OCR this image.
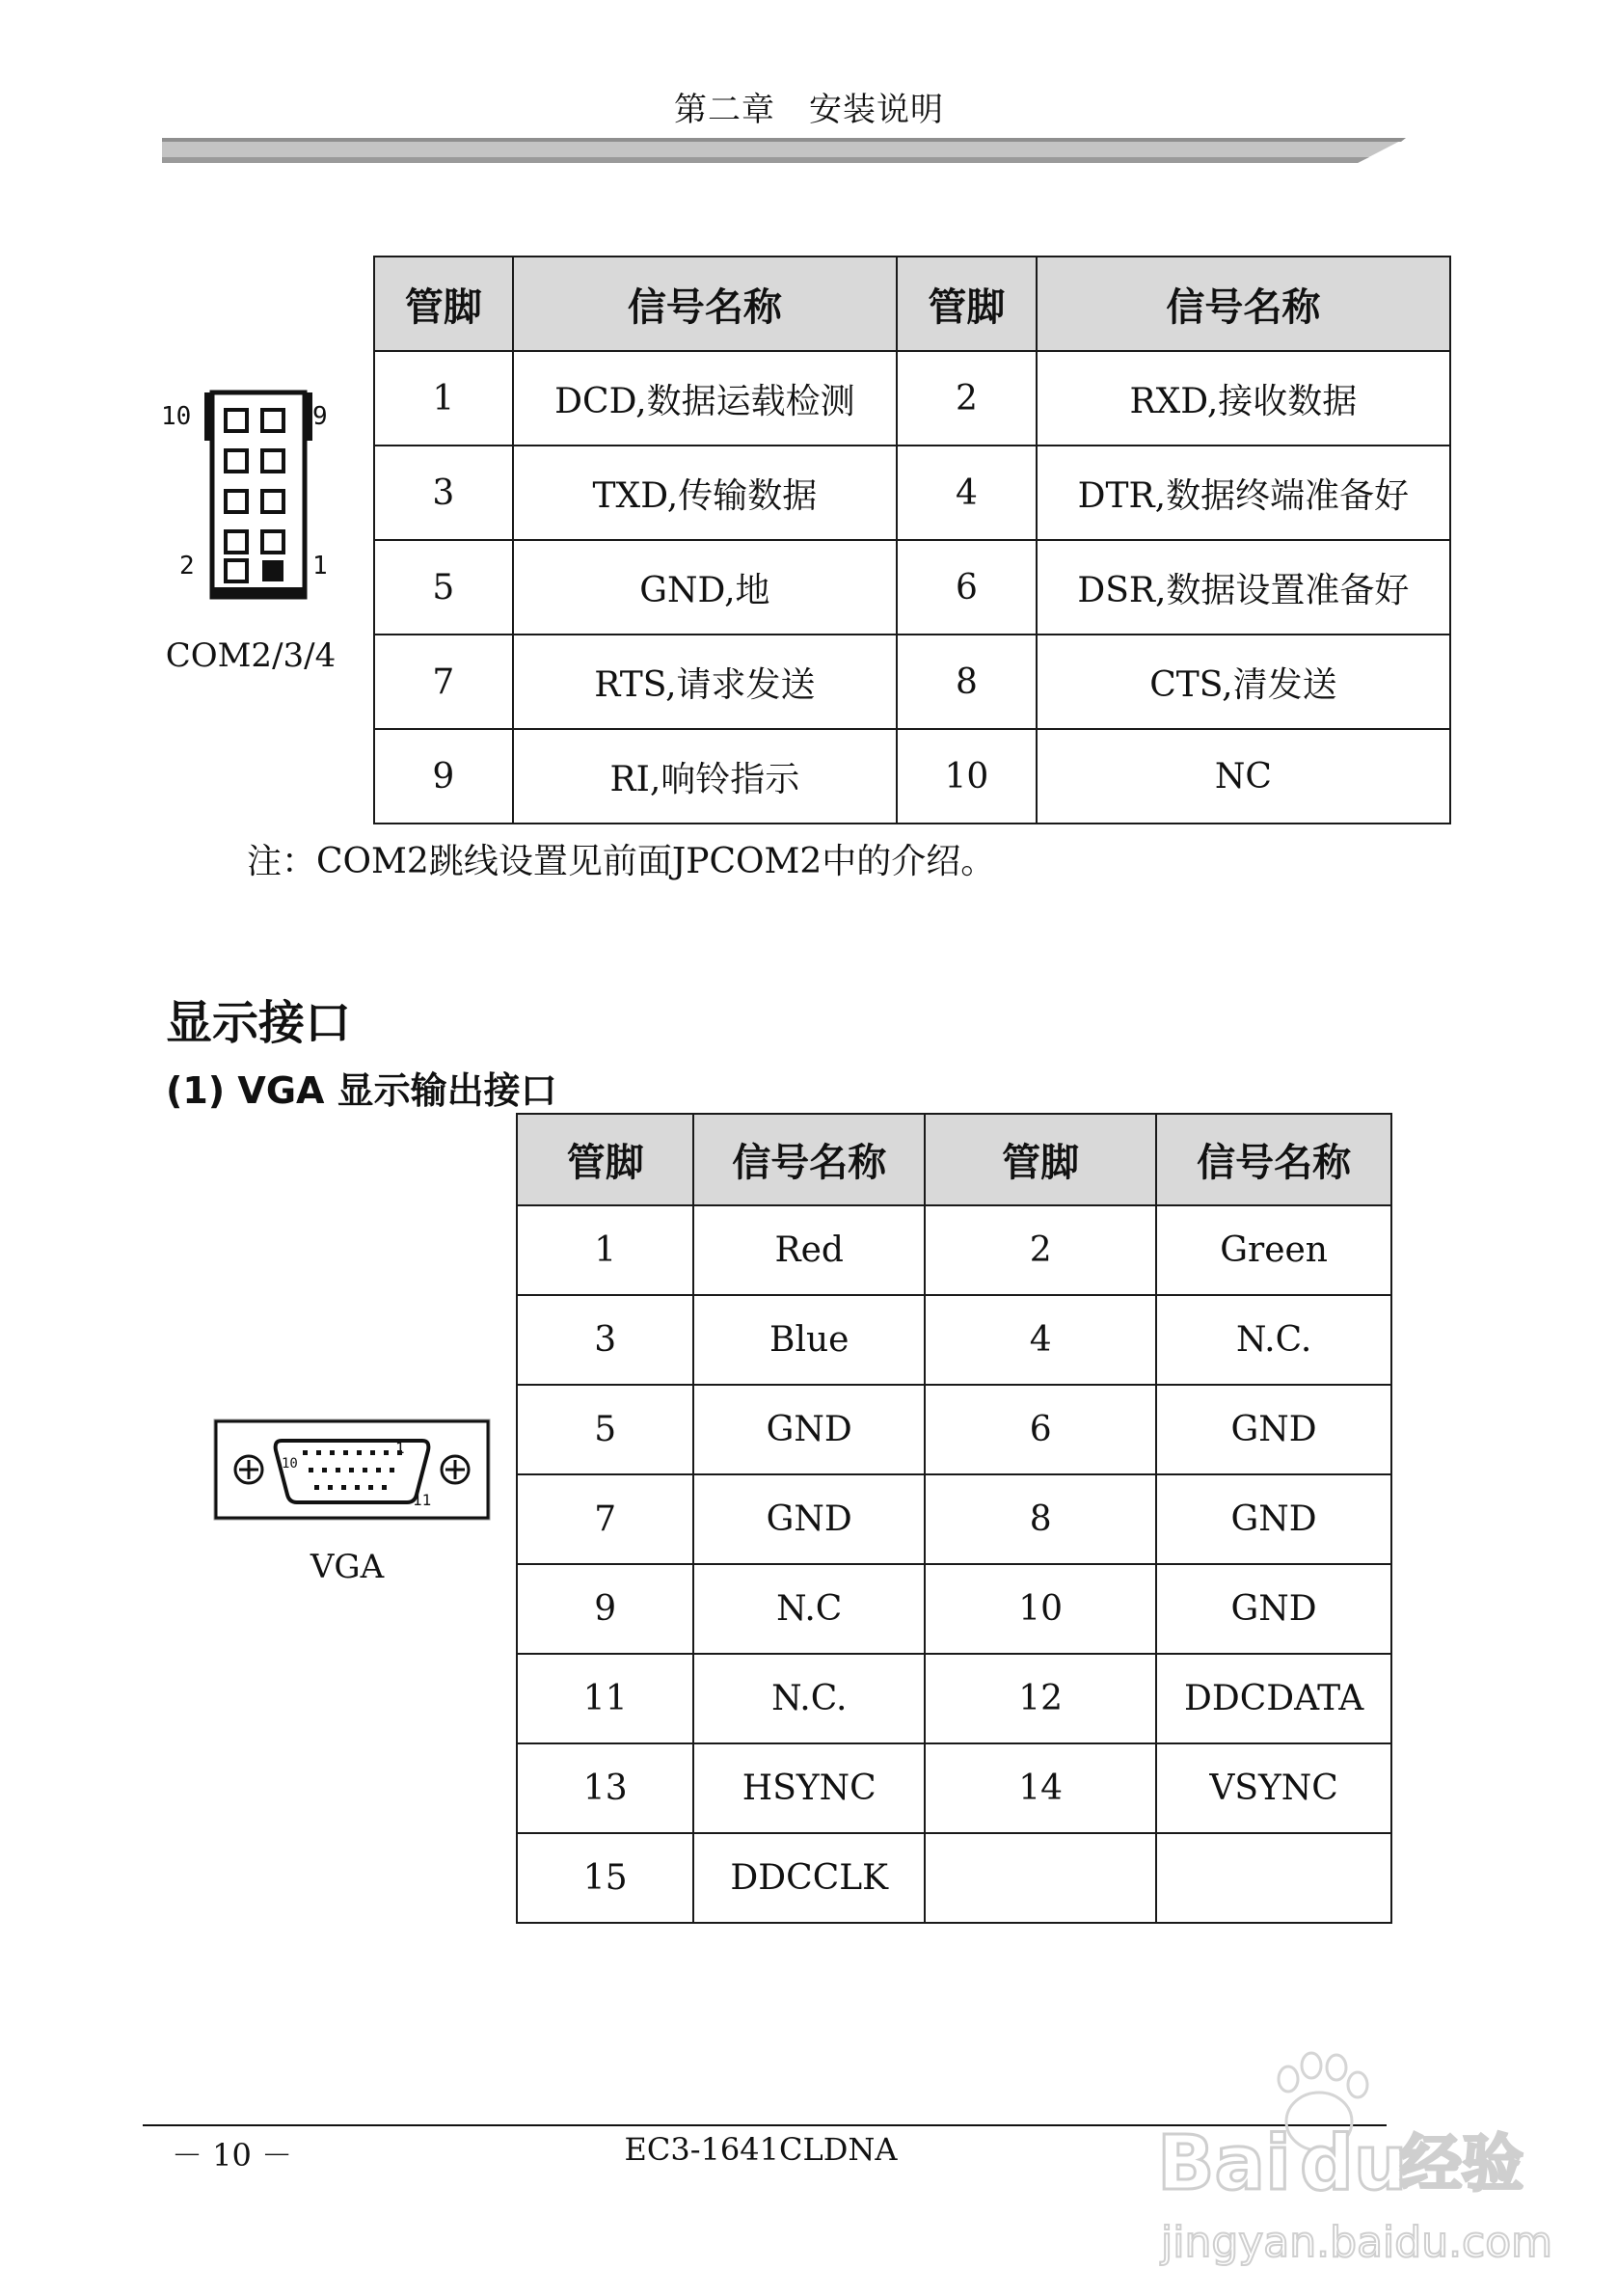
第二章　安装说明
10	9
2	1
COM2/3/4
管脚	信号名称	管脚	信号名称
1	DCD,数据运载检测	2	RXD,接收数据
3	TXD,传输数据	4	DTR,数据终端准备好
5	GND,地	6	DSR,数据设置准备好
7	RTS,请求发送	8	CTS,清发送
9	RI,响铃指示	10	NC
注：COM2跳线设置见前面JPCOM2中的介绍。
显示接口
(1) VGA 显示输出接口
10
1
11
VGA
管脚	信号名称	管脚	信号名称
1	Red	2	Green
3	Blue	4	N.C.
5	GND	6	GND
7	GND	8	GND
9	N.C	10	GND
11	N.C.	12	DDCDATA
13	HSYNC	14	VSYNC
15	DDCCLK		
－ 10 －	EC3-1641CLDNA	Bai du
经验
jingyan.baidu.com
